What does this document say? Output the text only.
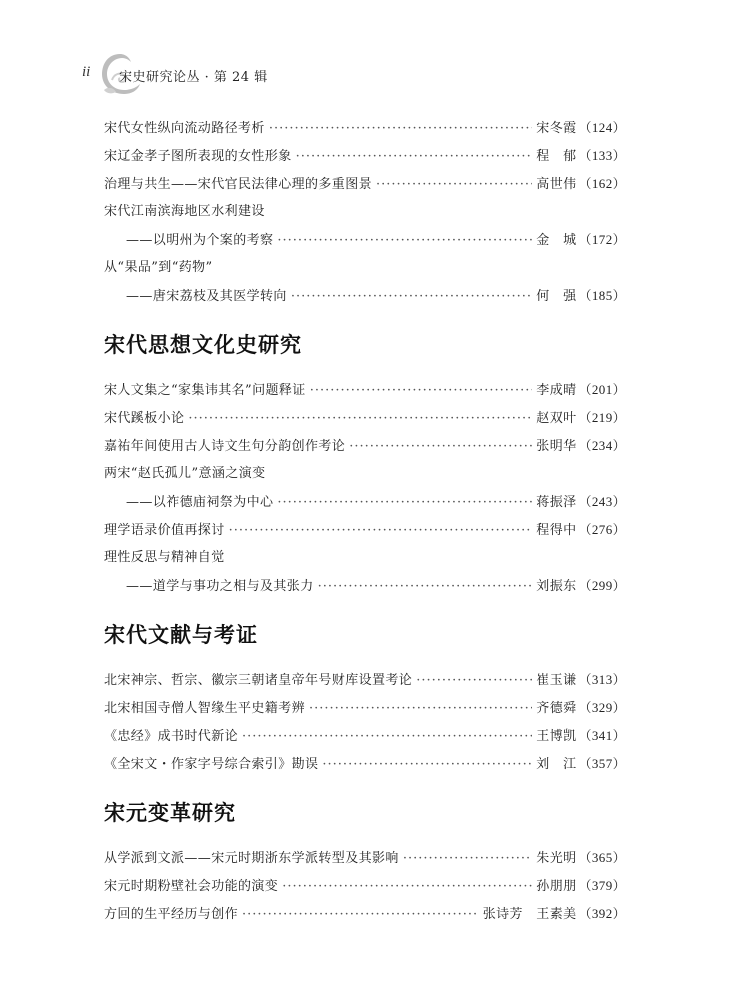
ii 宋史研究论丛 · 第 24 辑
宋代女性纵向流动路径考析 ·····	宋冬霞 （124）
宋辽金孝子图所表现的女性形象 ·····	程　郁 （133）
治理与共生——宋代官民法律心理的多重图景 ·····	高世伟 （162）
宋代江南滨海地区水利建设
——以明州为个案的考察 ·····	金　城 （172）
从“果品”到“药物”
——唐宋荔枝及其医学转向 ·····	何　强 （185）
宋代思想文化史研究
宋人文集之“家集讳其名”问题释证 ·····	李成晴 （201）
宋代蹊板小论 ·····	赵双叶 （219）
嘉祐年间使用古人诗文生句分韵创作考论 ·····	张明华 （234）
两宋“赵氏孤儿”意涵之演变
——以祚德庙祠祭为中心 ·····	蒋振泽 （243）
理学语录价值再探讨 ·····	程得中 （276）
理性反思与精神自觉
——道学与事功之相与及其张力 ·····	刘振东 （299）
宋代文献与考证
北宋神宗、哲宗、徽宗三朝诸皇帝年号财库设置考论 ·····	崔玉谦 （313）
北宋相国寺僧人智缘生平史籍考辨 ·····	齐德舜 （329）
《忠经》成书时代新论 ·····	王博凯 （341）
《全宋文・作家字号综合索引》勘误 ·····	刘　江 （357）
宋元变革研究
从学派到文派——宋元时期浙东学派转型及其影响 ·····	朱光明 （365）
宋元时期粉壁社会功能的演变 ·····	孙朋朋 （379）
方回的生平经历与创作 ·····	张诗芳　王素美 （392）
